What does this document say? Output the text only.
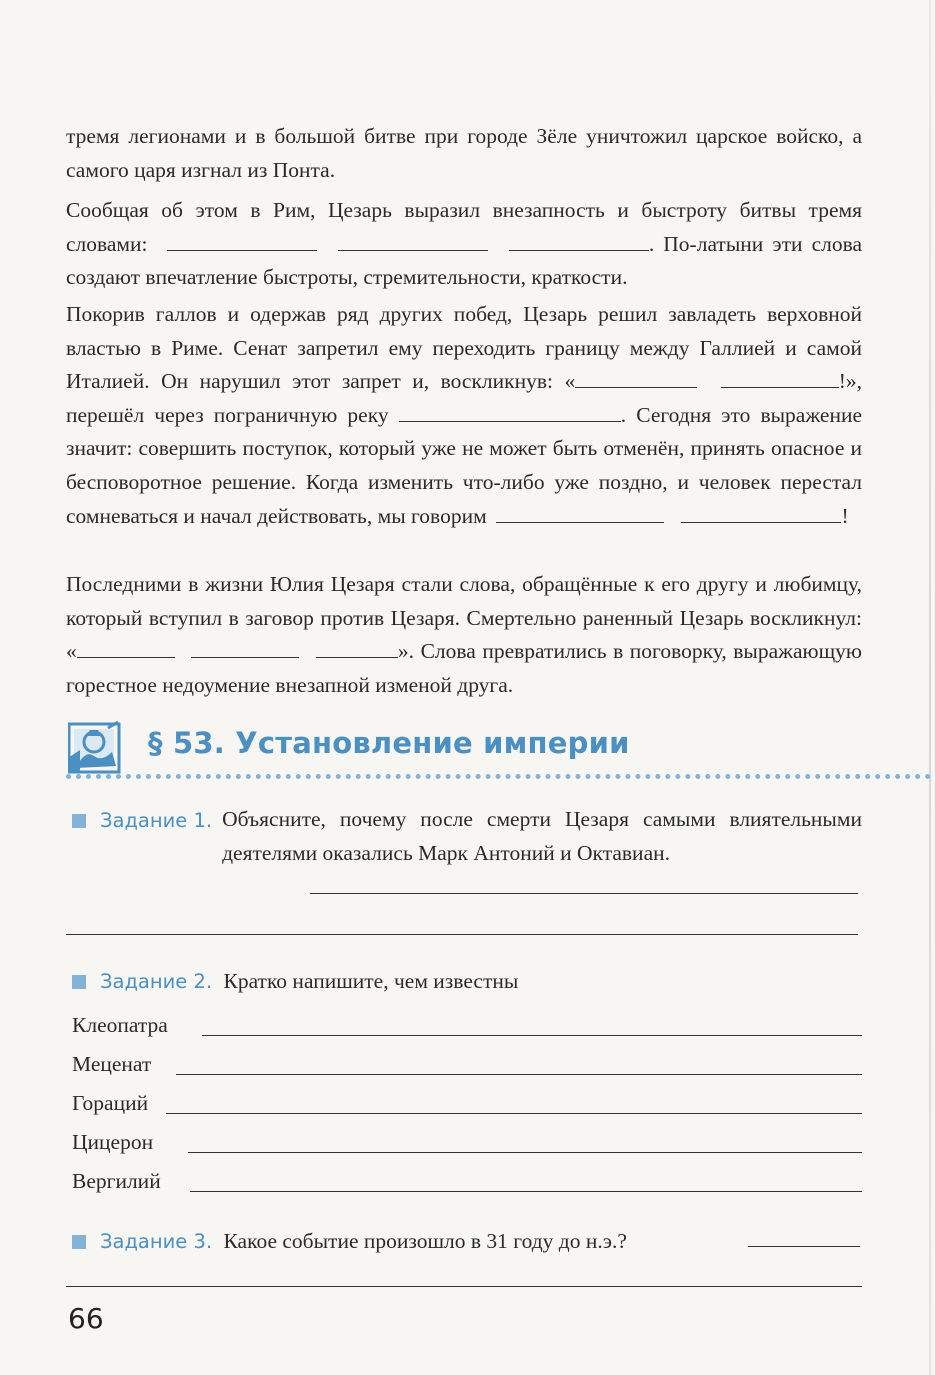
тремя легионами и в большой битве при городе Зёле уничтожил царское войско, а самого царя изгнал из Понта.

Сообщая об этом в Рим, Цезарь выразил внезапность и быстроту битвы тремя словами:	. По-латыни эти слова создают впечатление быстроты, стремительности, краткости.

Покорив галлов и одержав ряд других побед, Цезарь решил завладеть верховной властью в Риме. Сенат запретил ему переходить границу между Галлией и самой Италией. Он нарушил этот запрет и, воскликнув: «	!», перешёл через пограничную реку	. Сегодня это выражение значит: совершить поступок, который уже не может быть отменён, принять опасное и бесповоротное решение. Когда изменить что-либо уже поздно, и человек перестал сомневаться и начал действовать, мы говорим	!

Последними в жизни Юлия Цезаря стали слова, обращённые к его другу и любимцу, который вступил в заговор против Цезаря. Смертельно раненный Цезарь воскликнул: «	». Слова превратились в поговорку, выражающую горестное недоумение внезапной изменой друга.

§ 53. Установление империи
Задание 1. Объясните, почему после смерти Цезаря самыми влиятельными деятелями оказались Марк Антоний и Октавиан.
Задание 2. Кратко напишите, чем известны
Клеопатра
Меценат
Гораций
Цицерон
Вергилий
Задание 3. Какое событие произошло в 31 году до н.э.?
66
